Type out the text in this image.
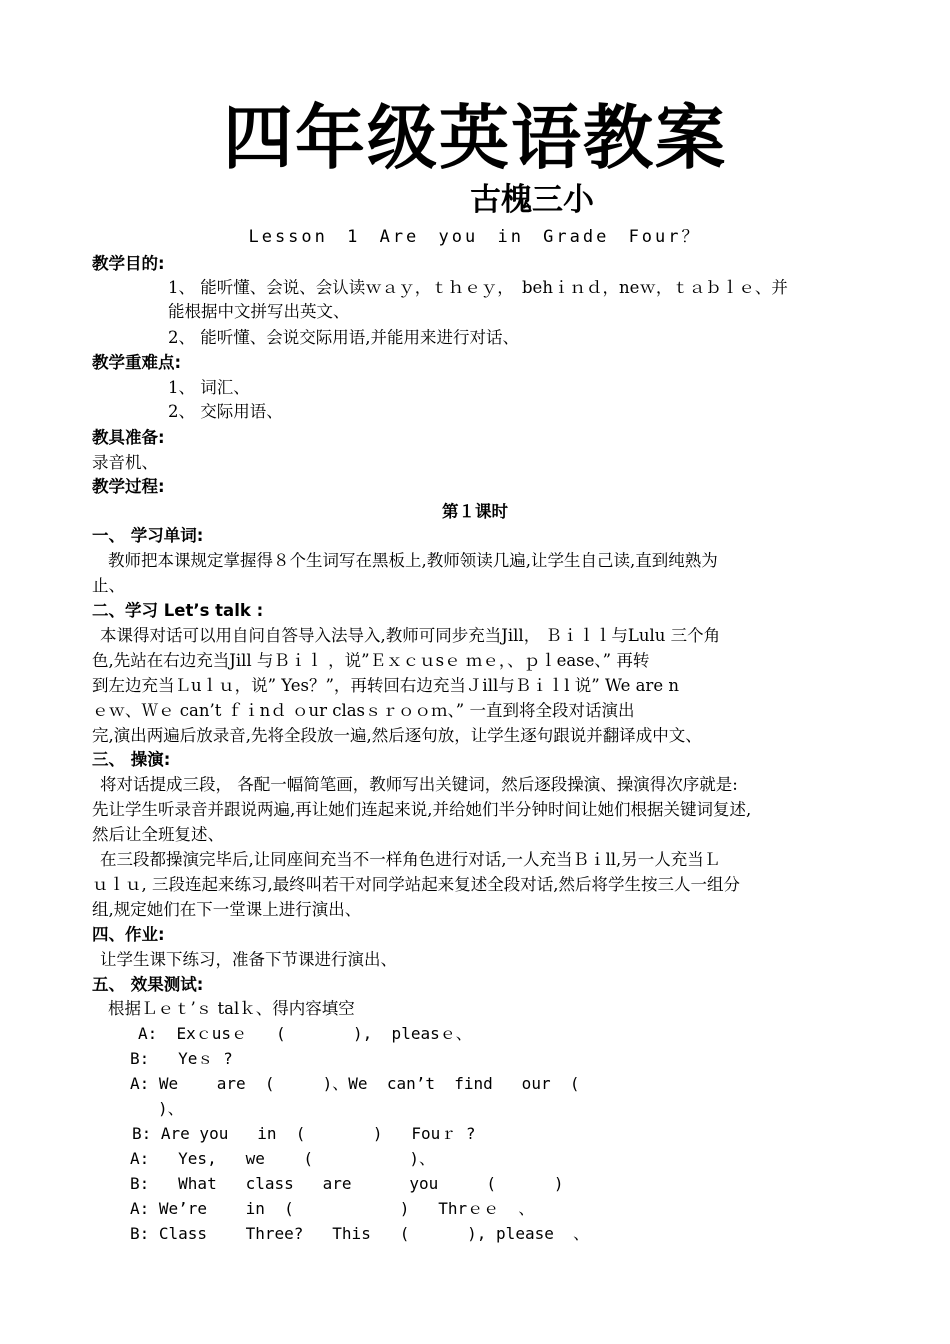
四年级英语教案
古槐三小
Lesson 1 Are you in Grade Four？
教学目的:
1、 能听懂、会说、会认读ｗａｙ，ｔｈｅｙ，　behｉｎｄ，neｗ，ｔａｂｌｅ、并
能根据中文拼写出英文、
2、 能听懂、会说交际用语,并能用来进行对话、
教学重难点:
1、 词汇、
2、 交际用语、
教具准备:
录音机、
教学过程:
第１课时
一、 学习单词:
教师把本课规定掌握得８个生词写在黑板上,教师领读几遍,让学生自己读,直到纯熟为
止、
二、学习 Let’s talk :
本课得对话可以用自问自答导入法导入,教师可同步充当Jill， Ｂｉｌｌ与Lulu 三个角
色,先站在右边充当Jill 与Ｂｉｌ ，说”Ｅｘｃｕsｅ ｍｅ，、ｐｌease、” 再转
到左边充当Ｌuｌｕ，说” Yes？”，再转回右边充当Ｊill与Ｂｉｌl 说” We are n
ｅｗ、Ｗｅ can’t ｆｉnｄ ｏur clasｓｒｏｏｍ、” 一直到将全段对话演出
完,演出两遍后放录音,先将全段放一遍,然后逐句放，让学生逐句跟说并翻译成中文、
三、 操演:
将对话提成三段， 各配一幅简笔画，教师写出关键词，然后逐段操演、操演得次序就是:
先让学生听录音并跟说两遍,再让她们连起来说,并给她们半分钟时间让她们根据关键词复述,
然后让全班复述、
在三段都操演完毕后,让同座间充当不一样角色进行对话,一人充当Ｂｉll,另一人充当Ｌ
ｕｌｕ, 三段连起来练习,最终叫若干对同学站起来复述全段对话,然后将学生按三人一组分
组,规定她们在下一堂课上进行演出、
四、作业:
让学生课下练习，准备下节课进行演出、
五、 效果测试:
根据Ｌｅｔ’ｓ talｋ、得内容填空
A:  Exｃusｅ   (       ),  pleasｅ、
B:   Yeｓ ?
A: We    are  (     )、We  can’t  find   our  (
)、
B: Are you   in  (       )   Fouｒ ?
A:   Yes,   we    (          )、
B:   What   class   are      you     (      )
A: We’re    in  (           )   Thrｅｅ  、
B: Class    Three?   This   (      ), please  、
